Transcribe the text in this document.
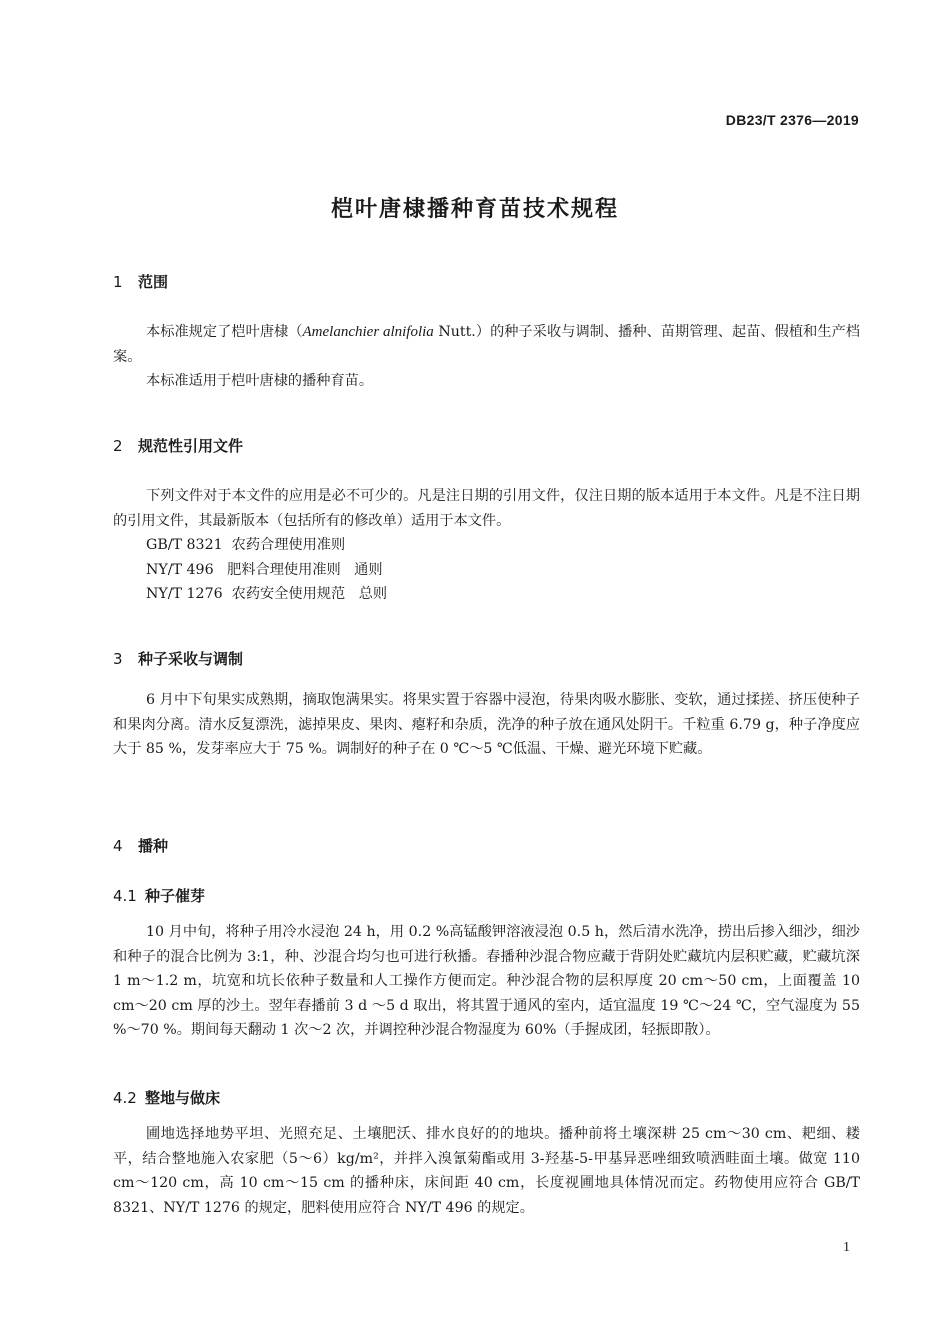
DB23/T 2376—2019
桤叶唐棣播种育苗技术规程
1 范围

本标准规定了桤叶唐棣（Amelanchier alnifolia Nutt.）的种子采收与调制、播种、苗期管理、起苗、假植和生产档案。

本标准适用于桤叶唐棣的播种育苗。

2 规范性引用文件

下列文件对于本文件的应用是必不可少的。凡是注日期的引用文件，仅注日期的版本适用于本文件。凡是不注日期的引用文件，其最新版本（包括所有的修改单）适用于本文件。

GB/T 8321  农药合理使用准则

NY/T 496   肥料合理使用准则   通则

NY/T 1276  农药安全使用规范   总则

3 种子采收与调制

6 月中下旬果实成熟期，摘取饱满果实。将果实置于容器中浸泡，待果肉吸水膨胀、变软，通过揉搓、挤压使种子和果肉分离。清水反复漂洗，滤掉果皮、果肉、瘪籽和杂质，洗净的种子放在通风处阴干。千粒重 6.79 g，种子净度应大于 85 %，发芽率应大于 75 %。调制好的种子在 0 ℃～5 ℃低温、干燥、避光环境下贮藏。

4 播种
4.1 种子催芽

10 月中旬，将种子用冷水浸泡 24 h，用 0.2 %高锰酸钾溶液浸泡 0.5 h，然后清水洗净，捞出后掺入细沙，细沙和种子的混合比例为 3:1，种、沙混合均匀也可进行秋播。春播种沙混合物应藏于背阴处贮藏坑内层积贮藏，贮藏坑深 1 m～1.2 m，坑宽和坑长依种子数量和人工操作方便而定。种沙混合物的层积厚度 20 cm～50 cm，上面覆盖 10 cm～20 cm 厚的沙土。翌年春播前 3 d ～5 d 取出，将其置于通风的室内，适宜温度 19 ℃～24 ℃，空气湿度为 55 %～70 %。期间每天翻动 1 次～2 次，并调控种沙混合物湿度为 60%（手握成团，轻振即散）。

4.2 整地与做床

圃地选择地势平坦、光照充足、土壤肥沃、排水良好的的地块。播种前将土壤深耕 25 cm～30 cm、耙细、耧平，结合整地施入农家肥（5～6）kg/m²，并拌入溴氰菊酯或用 3-羟基-5-甲基异恶唑细致喷洒畦面土壤。做宽 110 cm～120 cm，高 10 cm～15 cm 的播种床，床间距 40 cm，长度视圃地具体情况而定。药物使用应符合 GB/T 8321、NY/T 1276 的规定，肥料使用应符合 NY/T 496 的规定。

1
